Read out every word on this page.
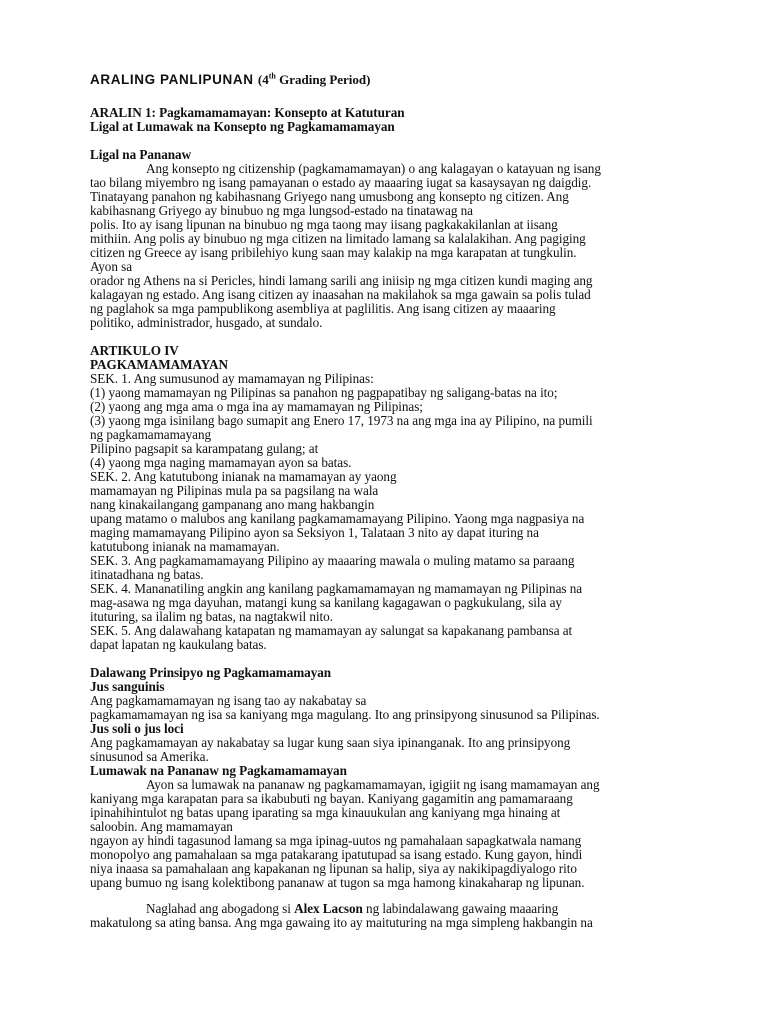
ARALING PANLIPUNAN (4th Grading Period)
ARALIN 1: Pagkamamamayan: Konsepto at Katuturan
Ligal at Lumawak na Konsepto ng Pagkamamamayan
Ligal na Pananaw
Ang konsepto ng citizenship (pagkamamamayan) o ang kalagayan o katayuan ng isang
tao bilang miyembro ng isang pamayanan o estado ay maaaring iugat sa kasaysayan ng daigdig.
Tinatayang panahon ng kabihasnang Griyego nang umusbong ang konsepto ng citizen. Ang
kabihasnang Griyego ay binubuo ng mga lungsod-estado na tinatawag na
polis. Ito ay isang lipunan na binubuo ng mga taong may iisang pagkakakilanlan at iisang
mithiin. Ang polis ay binubuo ng mga citizen na limitado lamang sa kalalakihan. Ang pagiging
citizen ng Greece ay isang pribilehiyo kung saan may kalakip na mga karapatan at tungkulin.
Ayon sa
orador ng Athens na si Pericles, hindi lamang sarili ang iniisip ng mga citizen kundi maging ang
kalagayan ng estado. Ang isang citizen ay inaasahan na makilahok sa mga gawain sa polis tulad
ng paglahok sa mga pampublikong asembliya at paglilitis. Ang isang citizen ay maaaring
politiko, administrador, husgado, at sundalo.
ARTIKULO IV
PAGKAMAMAMAYAN
SEK. 1. Ang sumusunod ay mamamayan ng Pilipinas:
(1) yaong mamamayan ng Pilipinas sa panahon ng pagpapatibay ng saligang-batas na ito;
(2) yaong ang mga ama o mga ina ay mamamayan ng Pilipinas;
(3) yaong mga isinilang bago sumapit ang Enero 17, 1973 na ang mga ina ay Pilipino, na pumili
ng pagkamamamayang
Pilipino pagsapit sa karampatang gulang; at
(4) yaong mga naging mamamayan ayon sa batas.
SEK. 2. Ang katutubong inianak na mamamayan ay yaong
mamamayan ng Pilipinas mula pa sa pagsilang na wala
nang kinakailangang gampanang ano mang hakbangin
upang matamo o malubos ang kanilang pagkamamamayang Pilipino. Yaong mga nagpasiya na
maging mamamayang Pilipino ayon sa Seksiyon 1, Talataan 3 nito ay dapat ituring na
katutubong inianak na mamamayan.
SEK. 3. Ang pagkamamamayang Pilipino ay maaaring mawala o muling matamo sa paraang
itinatadhana ng batas.
SEK. 4. Mananatiling angkin ang kanilang pagkamamamayan ng mamamayan ng Pilipinas na
mag-asawa ng mga dayuhan, matangi kung sa kanilang kagagawan o pagkukulang, sila ay
ituturing, sa ilalim ng batas, na nagtakwil nito.
SEK. 5. Ang dalawahang katapatan ng mamamayan ay salungat sa kapakanang pambansa at
dapat lapatan ng kaukulang batas.
Dalawang Prinsipyo ng Pagkamamamayan
Jus sanguinis
Ang pagkamamamayan ng isang tao ay nakabatay sa
pagkamamamayan ng isa sa kaniyang mga magulang. Ito ang prinsipyong sinusunod sa Pilipinas.
Jus soli o jus loci
Ang pagkamamayan ay nakabatay sa lugar kung saan siya ipinanganak. Ito ang prinsipyong
sinusunod sa Amerika.
Lumawak na Pananaw ng Pagkamamamayan
Ayon sa lumawak na pananaw ng pagkamamamayan, igigiit ng isang mamamayan ang
kaniyang mga karapatan para sa ikabubuti ng bayan. Kaniyang gagamitin ang pamamaraang
ipinahihintulot ng batas upang iparating sa mga kinauukulan ang kaniyang mga hinaing at
saloobin. Ang mamamayan
ngayon ay hindi tagasunod lamang sa mga ipinag-uutos ng pamahalaan sapagkatwala namang
monopolyo ang pamahalaan sa mga patakarang ipatutupad sa isang estado. Kung gayon, hindi
niya inaasa sa pamahalaan ang kapakanan ng lipunan sa halip, siya ay nakikipagdiyalogo rito
upang bumuo ng isang kolektibong pananaw at tugon sa mga hamong kinakaharap ng lipunan.
Naglahad ang abogadong si Alex Lacson ng labindalawang gawaing maaaring
makatulong sa ating bansa. Ang mga gawaing ito ay maituturing na mga simpleng hakbangin na
